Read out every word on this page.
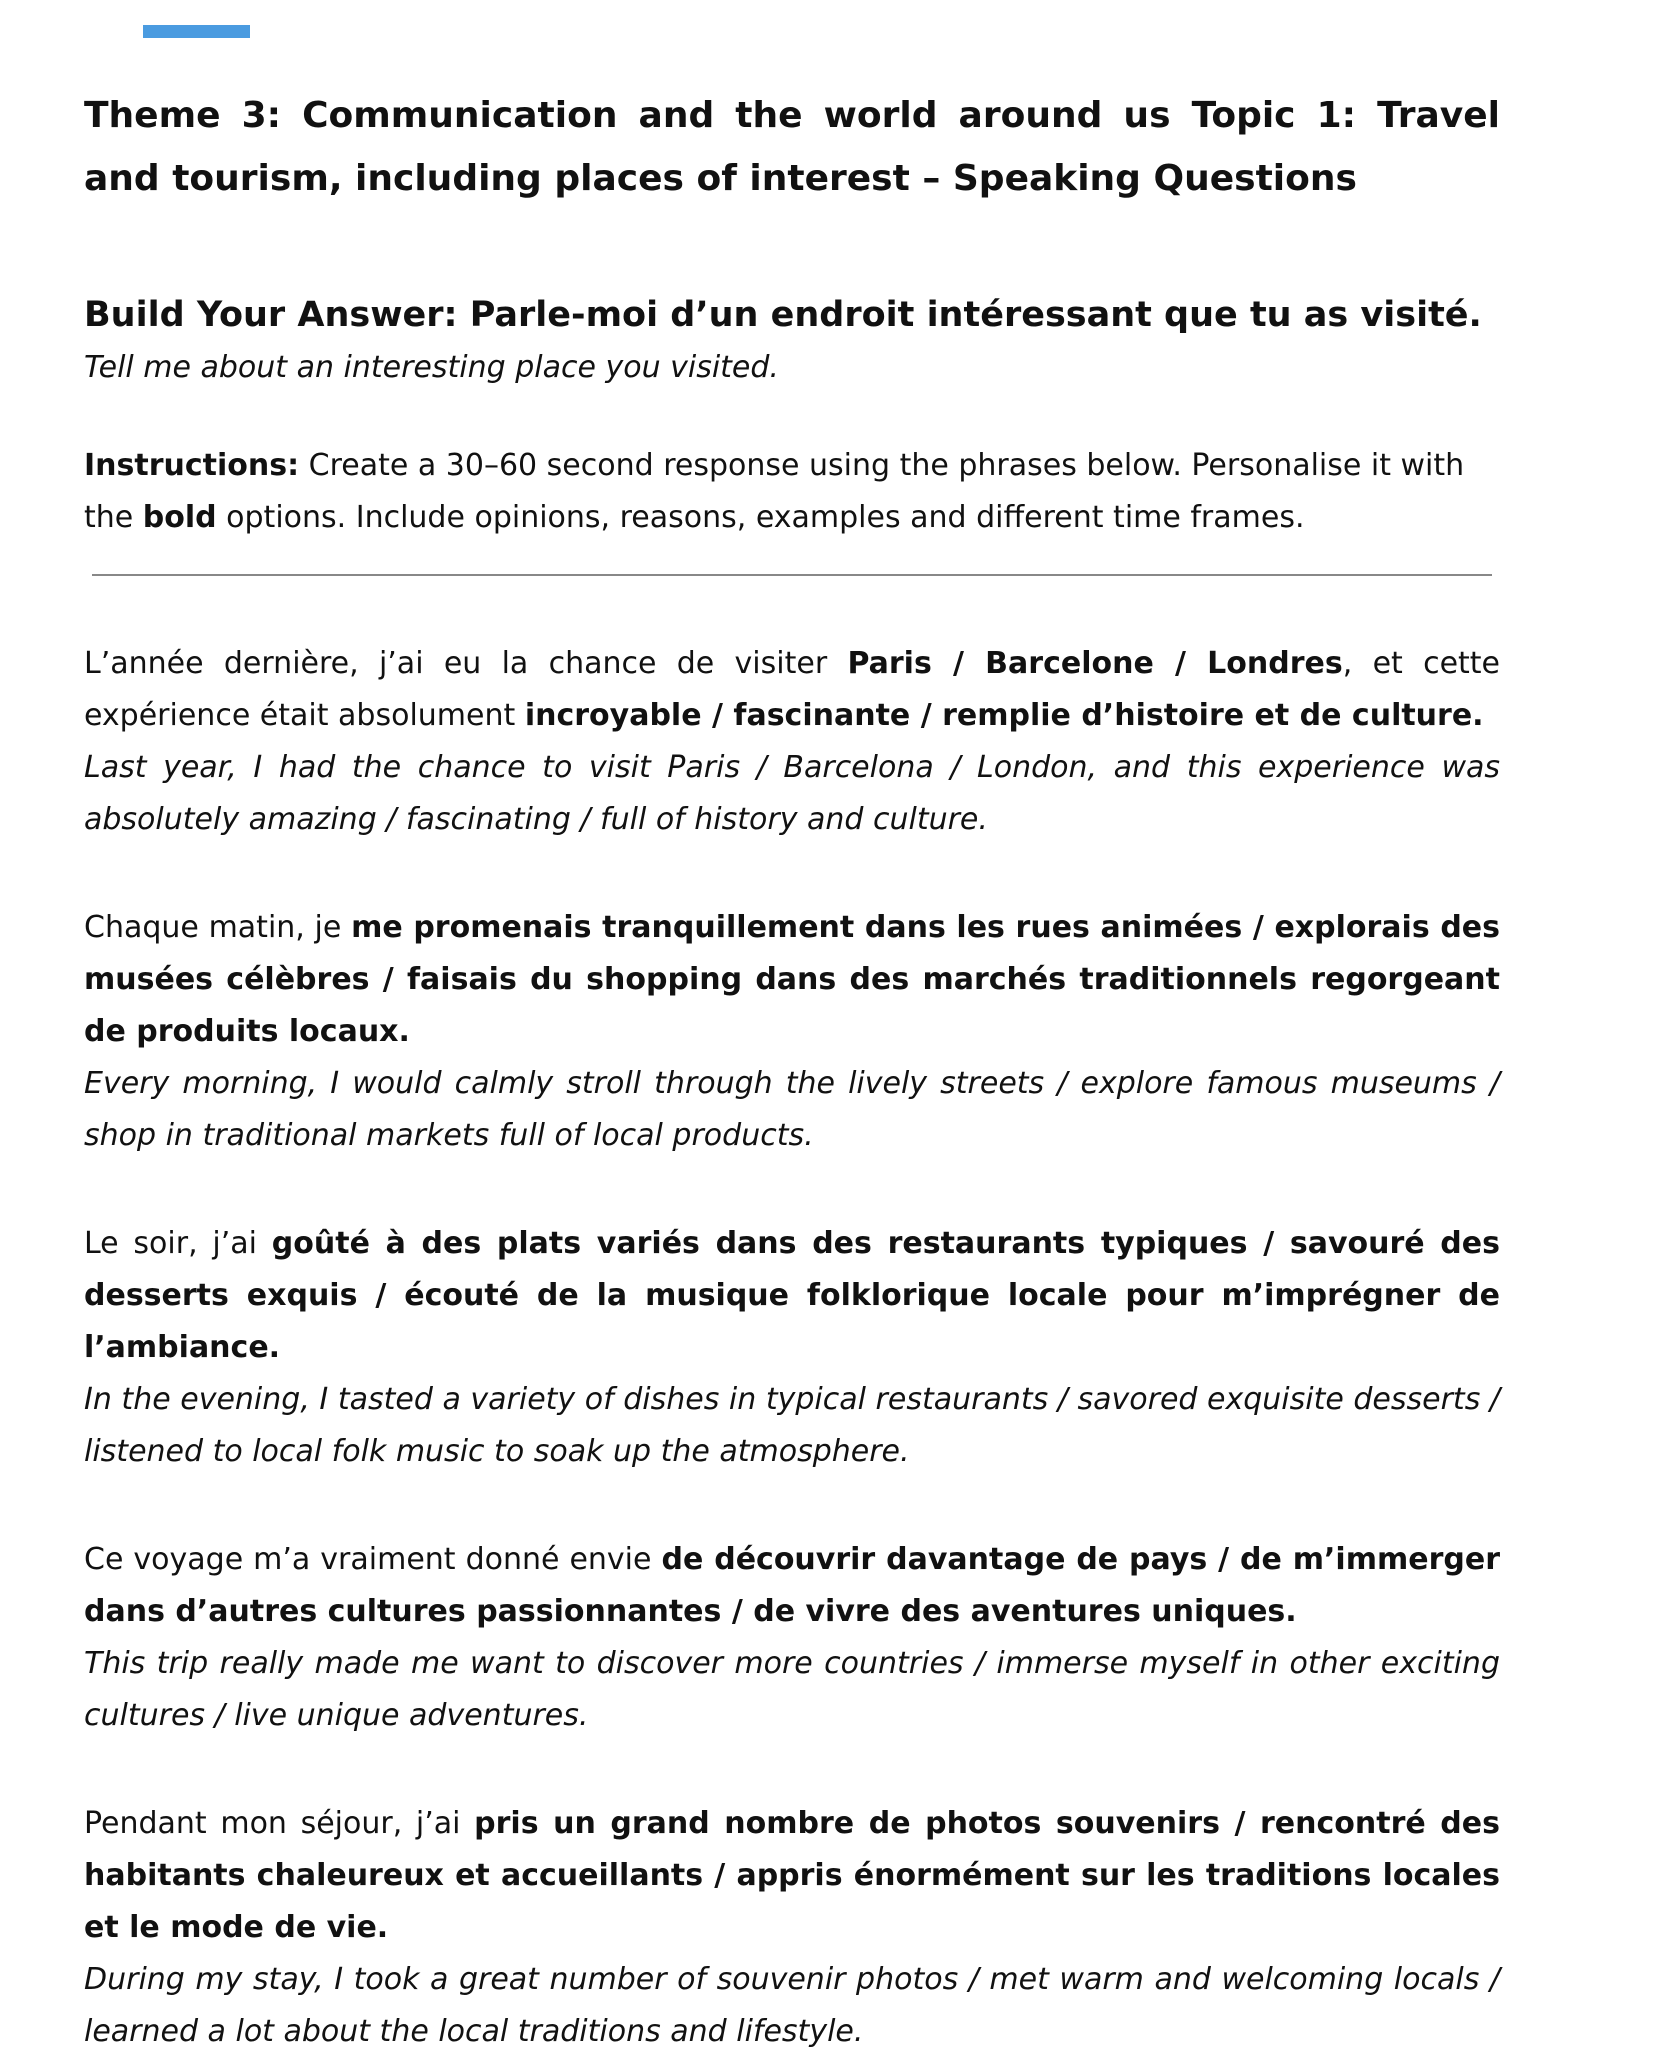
Theme 3: Communication and the world around us Topic 1: Travel and tourism, including places of interest – Speaking Questions
Build Your Answer: Parle-moi d’un endroit intéressant que tu as visité.

Tell me about an interesting place you visited.

Instructions: Create a 30–60 second response using the phrases below. Personalise it with the bold options. Include opinions, reasons, examples and different time frames.

L’année dernière, j’ai eu la chance de visiter Paris / Barcelone / Londres, et cette expérience était absolument incroyable / fascinante / remplie d’histoire et de culture.

Last year, I had the chance to visit Paris / Barcelona / London, and this experience was absolutely amazing / fascinating / full of history and culture.

Chaque matin, je me promenais tranquillement dans les rues animées / explorais des musées célèbres / faisais du shopping dans des marchés traditionnels regorgeant de produits locaux.

Every morning, I would calmly stroll through the lively streets / explore famous museums / shop in traditional markets full of local products.

Le soir, j’ai goûté à des plats variés dans des restaurants typiques / savouré des desserts exquis / écouté de la musique folklorique locale pour m’imprégner de l’ambiance.

In the evening, I tasted a variety of dishes in typical restaurants / savored exquisite desserts / listened to local folk music to soak up the atmosphere.

Ce voyage m’a vraiment donné envie de découvrir davantage de pays / de m’immerger dans d’autres cultures passionnantes / de vivre des aventures uniques.

This trip really made me want to discover more countries / immerse myself in other exciting cultures / live unique adventures.

Pendant mon séjour, j’ai pris un grand nombre de photos souvenirs / rencontré des habitants chaleureux et accueillants / appris énormément sur les traditions locales et le mode de vie.

During my stay, I took a great number of souvenir photos / met warm and welcoming locals / learned a lot about the local traditions and lifestyle.
